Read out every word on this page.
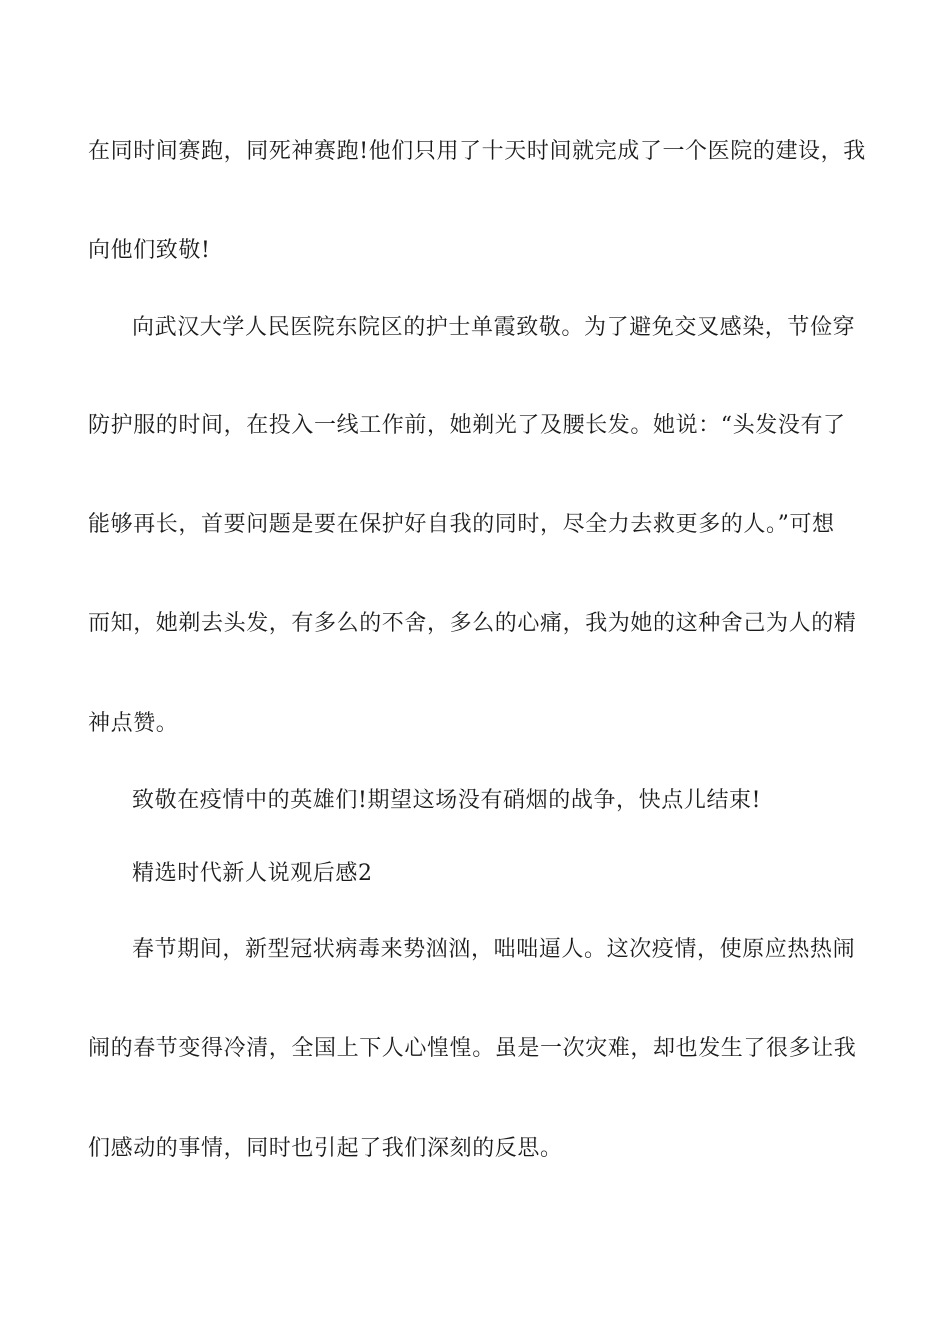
在同时间赛跑，同死神赛跑!他们只用了十天时间就完成了一个医院的建设，我
向他们致敬!
向武汉大学人民医院东院区的护士单霞致敬。为了避免交叉感染，节俭穿
防护服的时间，在投入一线工作前，她剃光了及腰长发。她说：“头发没有了
能够再长，首要问题是要在保护好自我的同时，尽全力去救更多的人。”可想
而知，她剃去头发，有多么的不舍，多么的心痛，我为她的这种舍己为人的精
神点赞。
致敬在疫情中的英雄们!期望这场没有硝烟的战争，快点儿结束!
精选时代新人说观后感2
春节期间，新型冠状病毒来势汹汹，咄咄逼人。这次疫情，使原应热热闹
闹的春节变得冷清，全国上下人心惶惶。虽是一次灾难，却也发生了很多让我
们感动的事情，同时也引起了我们深刻的反思。
